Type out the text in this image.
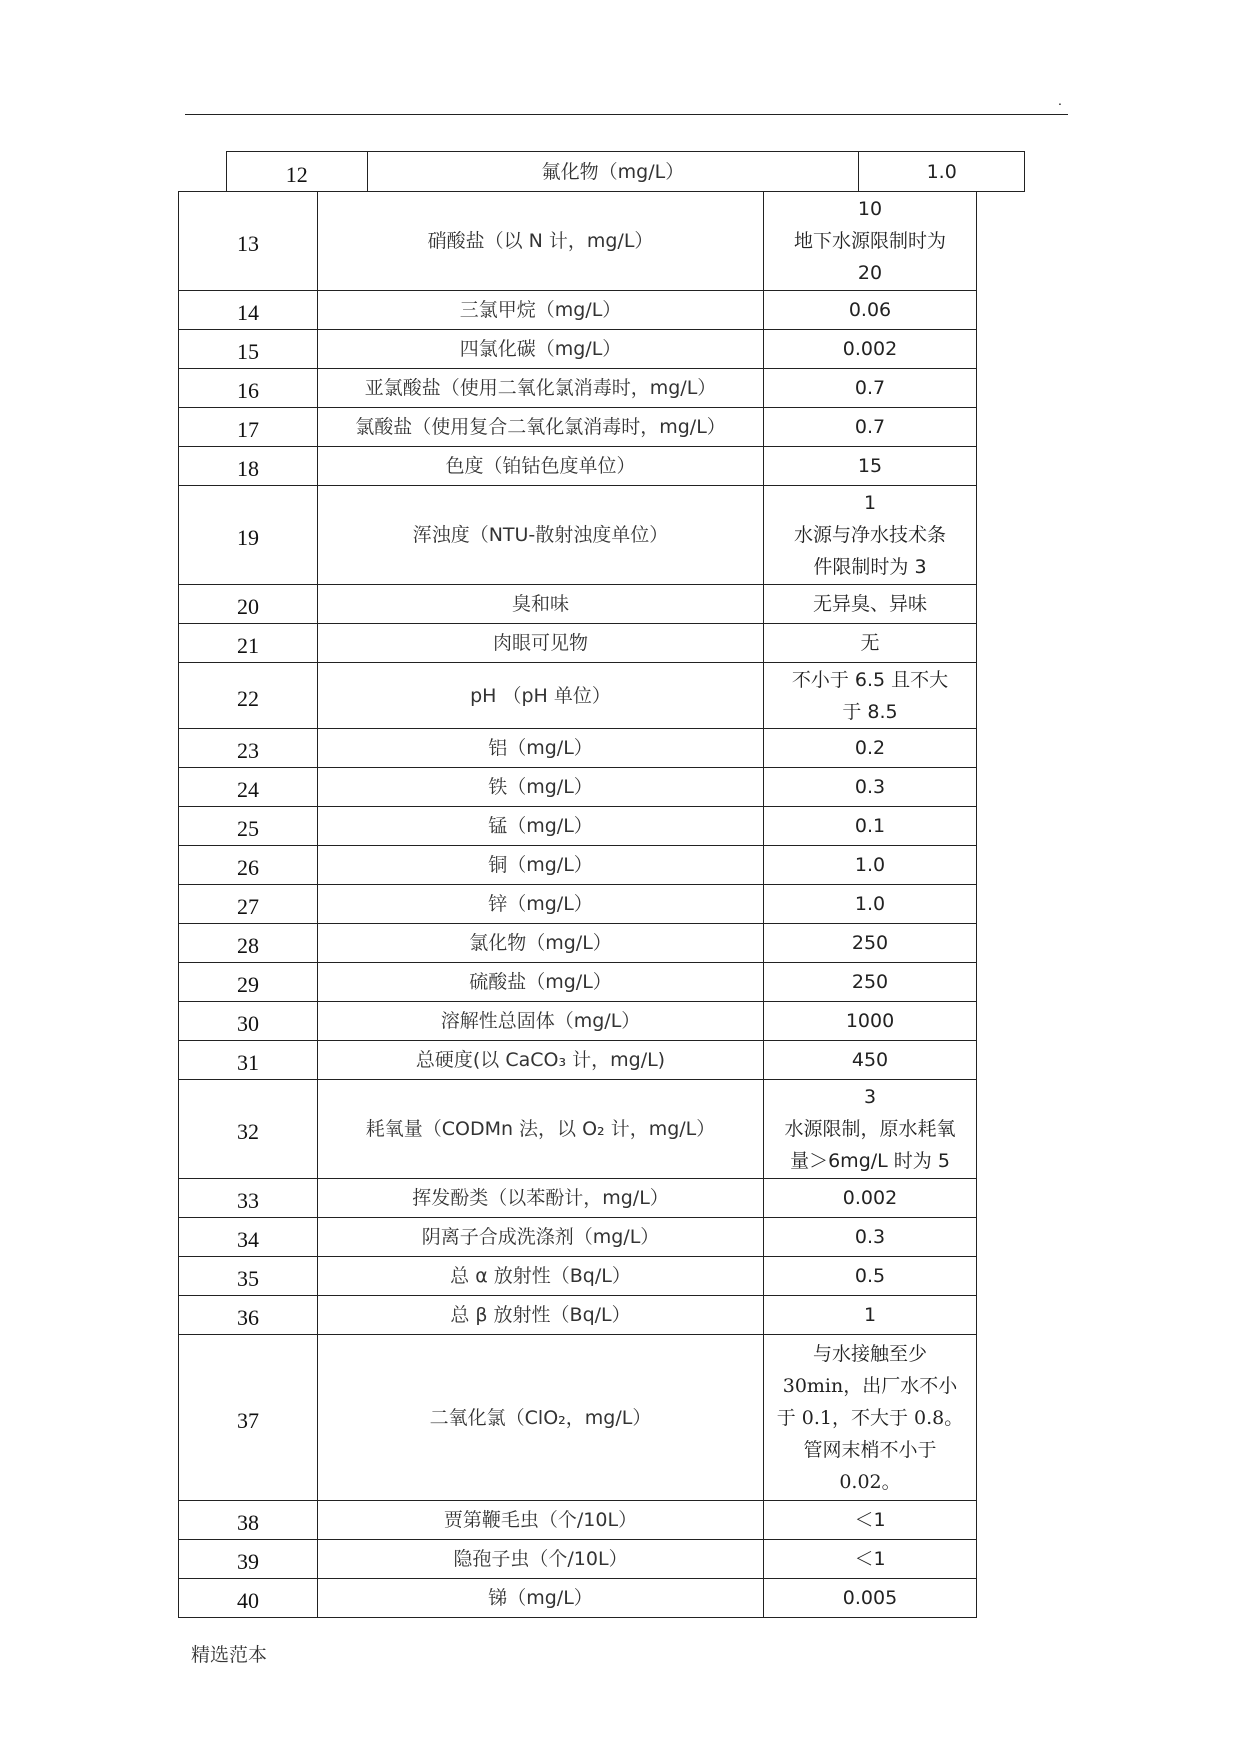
.
12	氟化物（mg/L）	1.0
13	硝酸盐（以 N 计，mg/L）	10
地下水源限制时为
20

14	三氯甲烷（mg/L）	0.06

15	四氯化碳（mg/L）	0.002

16	亚氯酸盐（使用二氧化氯消毒时，mg/L）	0.7

17	氯酸盐（使用复合二氧化氯消毒时，mg/L）	0.7

18	色度（铂钴色度单位）	15

19	浑浊度（NTU-散射浊度单位）	1
水源与净水技术条
件限制时为 3

20	臭和味	无异臭、异味

21	肉眼可见物	无

22	pH （pH 单位）	不小于 6.5 且不大
于 8.5

23	铝（mg/L）	0.2

24	铁（mg/L）	0.3

25	锰（mg/L）	0.1

26	铜（mg/L）	1.0

27	锌（mg/L）	1.0

28	氯化物（mg/L）	250

29	硫酸盐（mg/L）	250

30	溶解性总固体（mg/L）	1000

31	总硬度(以 CaCO₃ 计，mg/L)	450

32	耗氧量（CODMn 法，以 O₂ 计，mg/L）	3
水源限制，原水耗氧
量＞6mg/L 时为 5

33	挥发酚类（以苯酚计，mg/L）	0.002

34	阴离子合成洗涤剂（mg/L）	0.3

35	总 α 放射性（Bq/L）	0.5

36	总 β 放射性（Bq/L）	1

37	二氧化氯（ClO₂，mg/L）	与水接触至少
30min，出厂水不小
于 0.1，不大于 0.8。
管网末梢不小于
0.02。

38	贾第鞭毛虫（个/10L）	＜1

39	隐孢子虫（个/10L）	＜1

40	锑（mg/L）	0.005
精选范本
